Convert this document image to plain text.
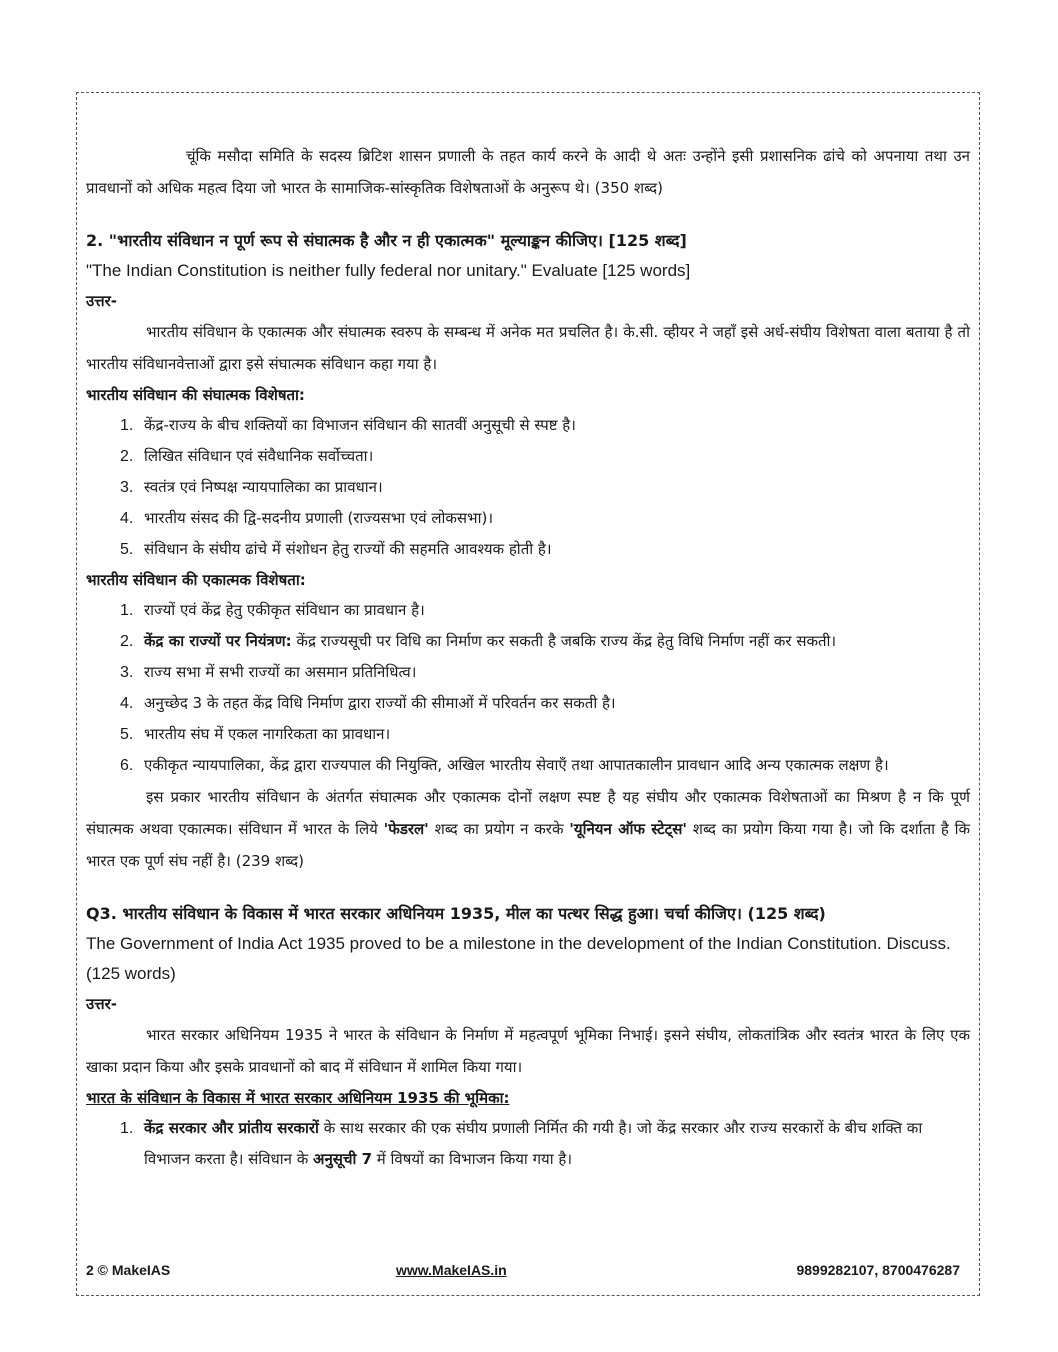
चूंकि मसौदा समिति के सदस्य ब्रिटिश शासन प्रणाली के तहत कार्य करने के आदी थे अतः उन्होंने इसी प्रशासनिक ढांचे को अपनाया तथा उन प्रावधानों को अधिक महत्व दिया जो भारत के सामाजिक-सांस्कृतिक विशेषताओं के अनुरूप थे। (350 शब्द)

2. "भारतीय संविधान न पूर्ण रूप से संघात्मक है और न ही एकात्मक" मूल्याङ्कन कीजिए। [125 शब्द]

"The Indian Constitution is neither fully federal nor unitary." Evaluate [125 words]

उत्तर-

भारतीय संविधान के एकात्मक और संघात्मक स्वरुप के सम्बन्ध में अनेक मत प्रचलित है। के.सी. व्हीयर ने जहाँ इसे अर्ध-संघीय विशेषता वाला बताया है तो भारतीय संविधानवेत्ताओं द्वारा इसे संघात्मक संविधान कहा गया है।

भारतीय संविधान की संघात्मक विशेषता:

1. केंद्र-राज्य के बीच शक्तियों का विभाजन संविधान की सातवीं अनुसूची से स्पष्ट है।
2. लिखित संविधान एवं संवैधानिक सर्वोच्चता।
3. स्वतंत्र एवं निष्पक्ष न्यायपालिका का प्रावधान।
4. भारतीय संसद की द्वि-सदनीय प्रणाली (राज्यसभा एवं लोकसभा)।
5. संविधान के संघीय ढांचे में संशोधन हेतु राज्यों की सहमति आवश्यक होती है।

भारतीय संविधान की एकात्मक विशेषता:

1. राज्यों एवं केंद्र हेतु एकीकृत संविधान का प्रावधान है।
2. केंद्र का राज्यों पर नियंत्रण: केंद्र राज्यसूची पर विधि का निर्माण कर सकती है जबकि राज्य केंद्र हेतु विधि निर्माण नहीं कर सकती।
3. राज्य सभा में सभी राज्यों का असमान प्रतिनिधित्व।
4. अनुच्छेद 3 के तहत केंद्र विधि निर्माण द्वारा राज्यों की सीमाओं में परिवर्तन कर सकती है।
5. भारतीय संघ में एकल नागरिकता का प्रावधान।
6. एकीकृत न्यायपालिका, केंद्र द्वारा राज्यपाल की नियुक्ति, अखिल भारतीय सेवाएँ तथा आपातकालीन प्रावधान आदि अन्य एकात्मक लक्षण है।

इस प्रकार भारतीय संविधान के अंतर्गत संघात्मक और एकात्मक दोनों लक्षण स्पष्ट है यह संघीय और एकात्मक विशेषताओं का मिश्रण है न कि पूर्ण संघात्मक अथवा एकात्मक। संविधान में भारत के लिये 'फेडरल' शब्द का प्रयोग न करके 'यूनियन ऑफ स्टेट्स' शब्द का प्रयोग किया गया है। जो कि दर्शाता है कि भारत एक पूर्ण संघ नहीं है। (239 शब्द)

Q3. भारतीय संविधान के विकास में भारत सरकार अधिनियम 1935, मील का पत्थर सिद्ध हुआ। चर्चा कीजिए। (125 शब्द)

The Government of India Act 1935 proved to be a milestone in the development of the Indian Constitution. Discuss. (125 words)

उत्तर-

भारत सरकार अधिनियम 1935 ने भारत के संविधान के निर्माण में महत्वपूर्ण भूमिका निभाई। इसने संघीय, लोकतांत्रिक और स्वतंत्र भारत के लिए एक खाका प्रदान किया और इसके प्रावधानों को बाद में संविधान में शामिल किया गया।

भारत के संविधान के विकास में भारत सरकार अधिनियम 1935 की भूमिका:

1. केंद्र सरकार और प्रांतीय सरकारों के साथ सरकार की एक संघीय प्रणाली निर्मित की गयी है। जो केंद्र सरकार और राज्य सरकारों के बीच शक्ति का विभाजन करता है। संविधान के अनुसूची 7 में विषयों का विभाजन किया गया है।
2 © MakeIAS	www.MakeIAS.in	9899282107, 8700476287
